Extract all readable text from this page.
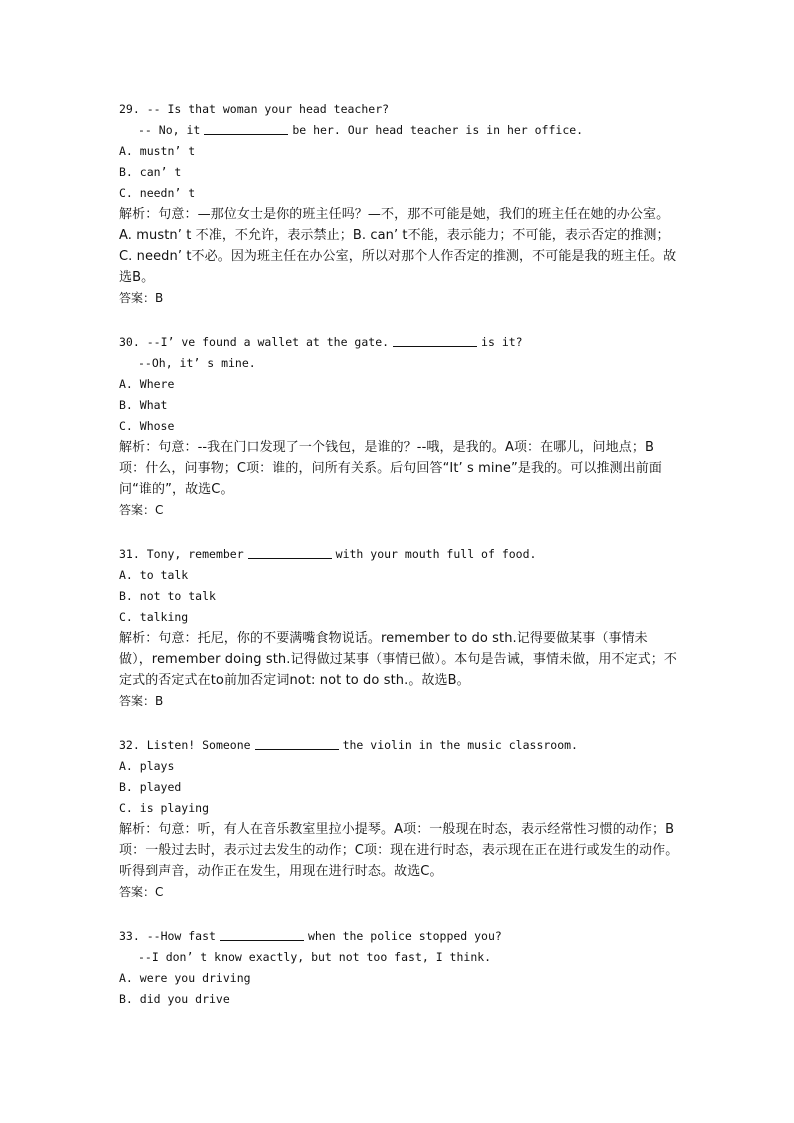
29. -- Is that woman your head teacher?
-- No, it	be her. Our head teacher is in her office.
A. mustn’ t
B. can’ t
C. needn’ t
解析：句意：—那位女士是你的班主任吗？—不，那不可能是她，我们的班主任在她的办公室。A. mustn’ t 不准，不允许，表示禁止；B. can’ t不能，表示能力；不可能，表示否定的推测；C. needn’ t不必。因为班主任在办公室，所以对那个人作否定的推测，不可能是我的班主任。故选B。
答案：B
30. --I’ ve found a wallet at the gate.	is it?
--Oh, it’ s mine.
A. Where
B. What
C. Whose
解析：句意：--我在门口发现了一个钱包，是谁的？--哦，是我的。A项：在哪儿，问地点；B项：什么，问事物；C项：谁的，问所有关系。后句回答“It’ s mine”是我的。可以推测出前面问“谁的”，故选C。
答案：C
31. Tony, remember	with your mouth full of food.
A. to talk
B. not to talk
C. talking
解析：句意：托尼，你的不要满嘴食物说话。remember to do sth.记得要做某事（事情未做），remember doing sth.记得做过某事（事情已做）。本句是告诫，事情未做，用不定式；不定式的否定式在to前加否定词not: not to do sth.。故选B。
答案：B
32. Listen! Someone	the violin in the music classroom.
A. plays
B. played
C. is playing
解析：句意：听，有人在音乐教室里拉小提琴。A项：一般现在时态，表示经常性习惯的动作；B项：一般过去时，表示过去发生的动作；C项：现在进行时态，表示现在正在进行或发生的动作。听得到声音，动作正在发生，用现在进行时态。故选C。
答案：C
33. --How fast	when the police stopped you?
--I don’ t know exactly, but not too fast, I think.
A. were you driving
B. did you drive
